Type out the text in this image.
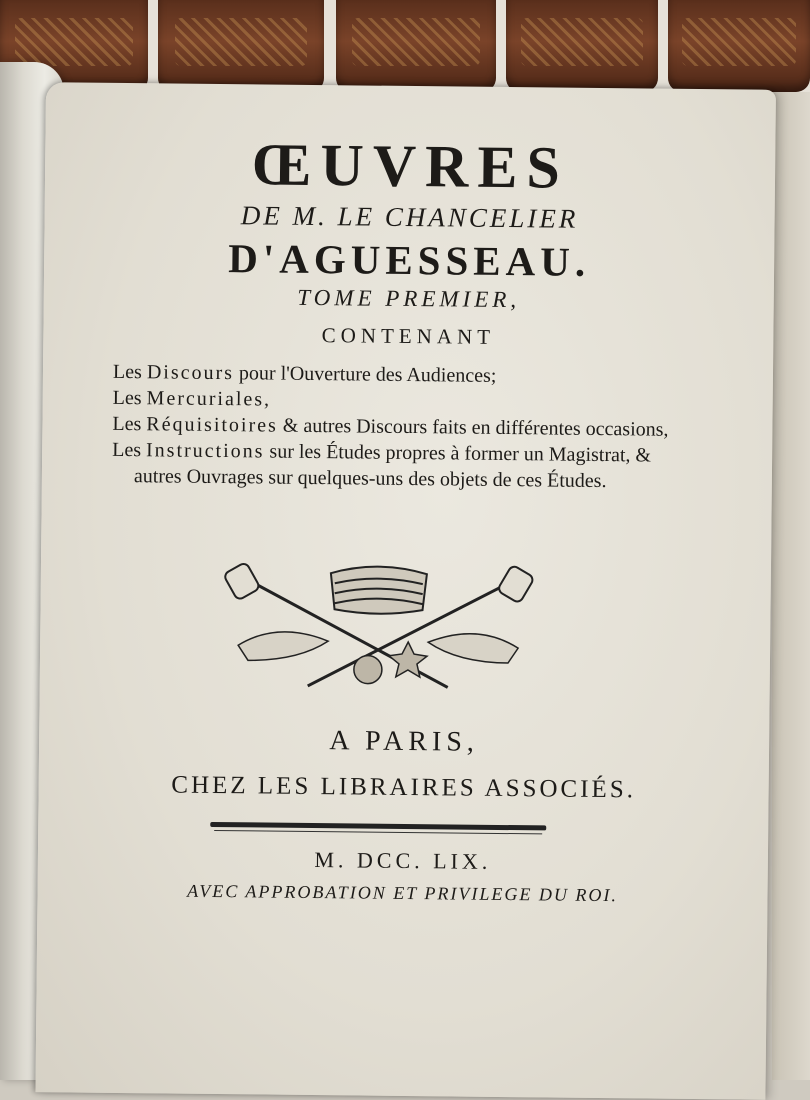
ŒUVRES
DE M. LE CHANCELIER
D'AGUESSEAU.
TOME PREMIER,
CONTENANT
Les Discours pour l'Ouverture des Audiences;
Les Mercuriales,
Les Réquisitoires & autres Discours faits en différentes occasions,
Les Instructions sur les Études propres à former un Magistrat, & autres Ouvrages sur quelques-uns des objets de ces Études.
A PARIS,
CHEZ LES LIBRAIRES ASSOCIÉS.
M. DCC. LIX.
AVEC APPROBATION ET PRIVILEGE DU ROI.
